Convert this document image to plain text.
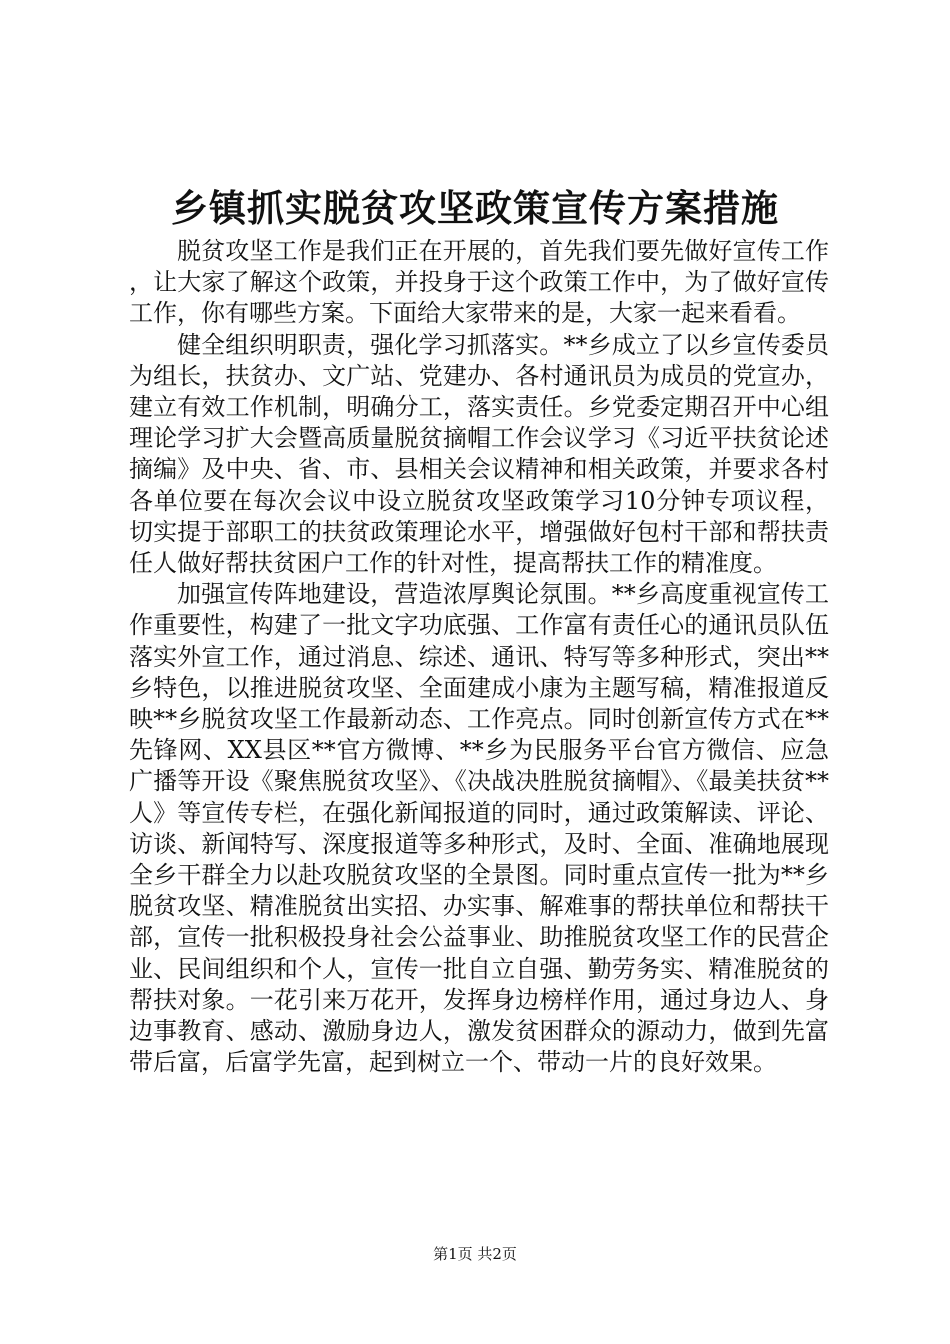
乡镇抓实脱贫攻坚政策宣传方案措施

脱贫攻坚工作是我们正在开展的，首先我们要先做好宣传工作，让大家了解这个政策，并投身于这个政策工作中，为了做好宣传工作，你有哪些方案。下面给大家带来的是，大家一起来看看。

健全组织明职责，强化学习抓落实。**乡成立了以乡宣传委员为组长，扶贫办、文广站、党建办、各村通讯员为成员的党宣办，建立有效工作机制，明确分工，落实责任。乡党委定期召开中心组理论学习扩大会暨高质量脱贫摘帽工作会议学习《习近平扶贫论述摘编》及中央、省、市、县相关会议精神和相关政策，并要求各村各单位要在每次会议中设立脱贫攻坚政策学习10分钟专项议程，切实提于部职工的扶贫政策理论水平，增强做好包村干部和帮扶责任人做好帮扶贫困户工作的针对性，提高帮扶工作的精准度。

加强宣传阵地建设，营造浓厚舆论氛围。**乡高度重视宣传工作重要性，构建了一批文字功底强、工作富有责任心的通讯员队伍落实外宣工作，通过消息、综述、通讯、特写等多种形式，突出**乡特色，以推进脱贫攻坚、全面建成小康为主题写稿，精准报道反映**乡脱贫攻坚工作最新动态、工作亮点。同时创新宣传方式在**先锋网、XX县区**官方微博、**乡为民服务平台官方微信、应急广播等开设《聚焦脱贫攻坚》、《决战决胜脱贫摘帽》、《最美扶贫**人》等宣传专栏，在强化新闻报道的同时，通过政策解读、评论、访谈、新闻特写、深度报道等多种形式，及时、全面、准确地展现全乡干群全力以赴攻脱贫攻坚的全景图。同时重点宣传一批为**乡脱贫攻坚、精准脱贫出实招、办实事、解难事的帮扶单位和帮扶干部，宣传一批积极投身社会公益事业、助推脱贫攻坚工作的民营企业、民间组织和个人，宣传一批自立自强、勤劳务实、精准脱贫的帮扶对象。一花引来万花开，发挥身边榜样作用，通过身边人、身边事教育、感动、激励身边人，激发贫困群众的源动力，做到先富带后富，后富学先富，起到树立一个、带动一片的良好效果。

第1页 共2页
